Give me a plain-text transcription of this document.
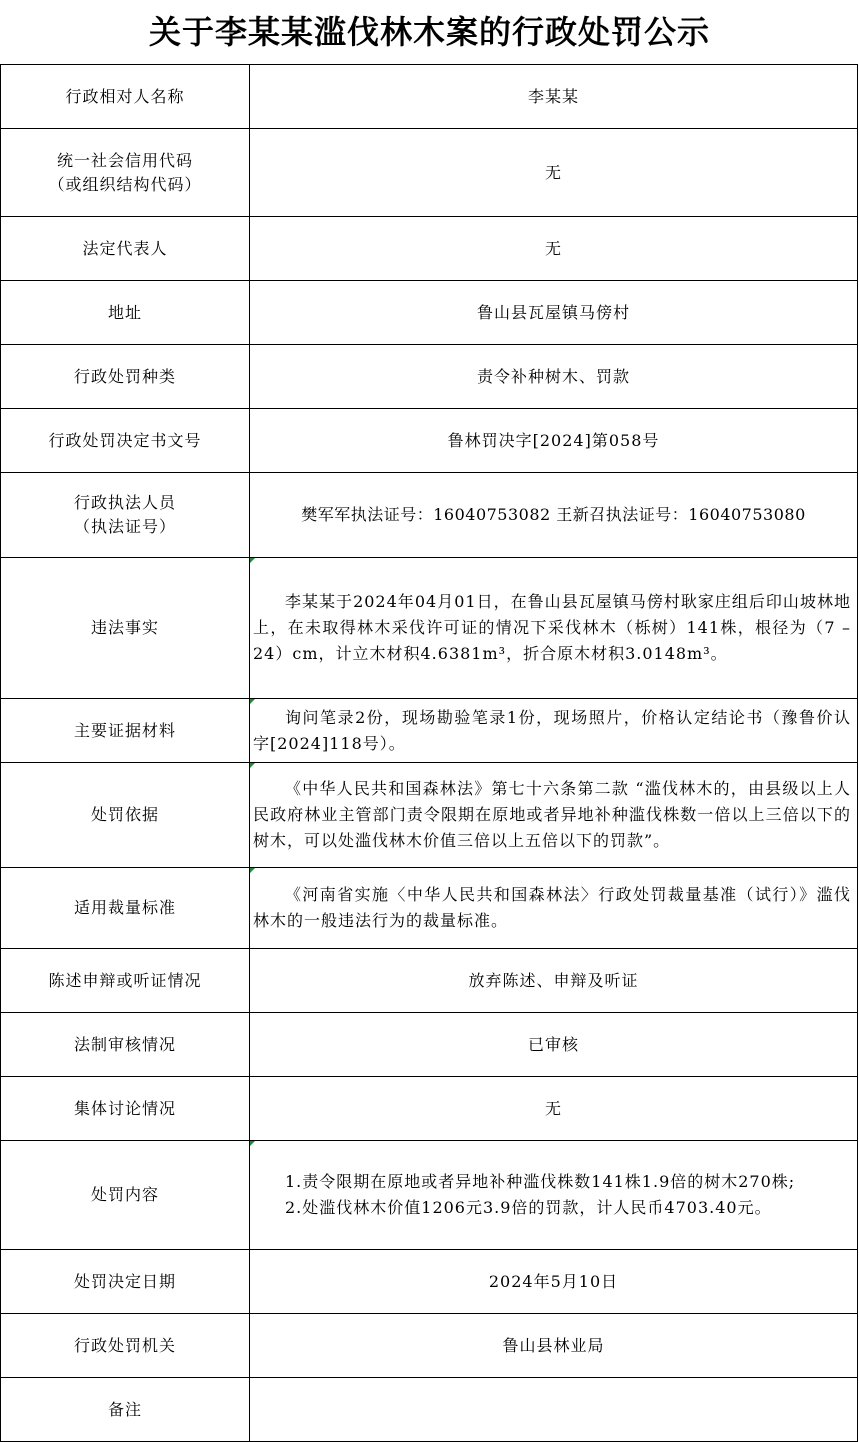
关于李某某滥伐林木案的行政处罚公示
行政相对人名称	李某某

统一社会信用代码
（或组织结构代码）	无
法定代表人	无
地址	鲁山县瓦屋镇马傍村
行政处罚种类	责令补种树木、罚款
行政处罚决定书文号	鲁林罚决字[2024]第058号

行政执法人员
（执法证号）	樊军军执法证号：16040753082 王新召执法证号：16040753080
违法事实	李某某于2024年04月01日，在鲁山县瓦屋镇马傍村耿家庄组后印山坡林地上，在未取得林木采伐许可证的情况下采伐林木（栎树）141株，根径为（7 – 24）cm，计立木材积4.6381m³，折合原木材积3.0148m³。

主要证据材料	询问笔录2份，现场勘验笔录1份，现场照片，价格认定结论书（豫鲁价认字[2024]118号）。

处罚依据	《中华人民共和国森林法》第七十六条第二款 “滥伐林木的，由县级以上人民政府林业主管部门责令限期在原地或者异地补种滥伐株数一倍以上三倍以下的树木，可以处滥伐林木价值三倍以上五倍以下的罚款”。

适用裁量标准	《河南省实施〈中华人民共和国森林法〉行政处罚裁量基准（试行）》滥伐林木的一般违法行为的裁量标准。

陈述申辩或听证情况	放弃陈述、申辩及听证
法制审核情况	已审核
集体讨论情况	无
处罚内容	1.责令限期在原地或者异地补种滥伐株数141株1.9倍的树木270株;
2.处滥伐林木价值1206元3.9倍的罚款，计人民币4703.40元。

处罚决定日期	2024年5月10日
行政处罚机关	鲁山县林业局
备注	
